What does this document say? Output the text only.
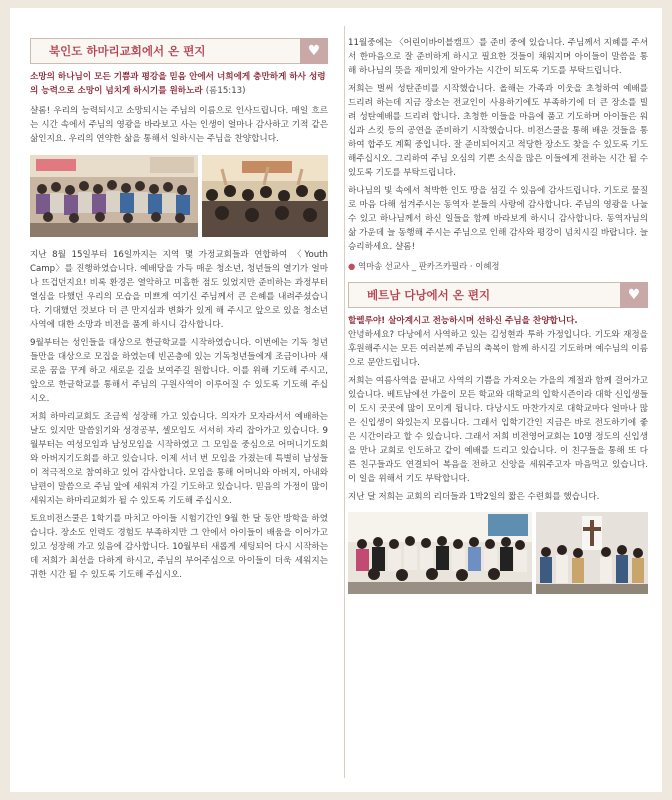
북인도 하마리교회에서 온 편지	♥
소망의 하나님이 모든 기쁨과 평강을 믿음 안에서 너희에게 충만하게 하사 성령의 능력으로 소망이 넘치게 하시기를 원하노라 (롬15:13)

샬롬! 우리의 능력되시고 소망되시는 주님의 이름으로 인사드립니다. 매일 흐르는 시간 속에서 주님의 영광을 바라보고 사는 인생이 얼마나 감사하고 기적 같은 삶인지요. 우리의 연약한 삶을 통해서 일하시는 주님을 찬양합니다.

지난 8월 15일부터 16일까지는 지역 몇 가정교회들과 연합하여 〈Youth Camp〉를 진행하였습니다. 예배당을 가득 매운 청소년, 청년들의 열기가 얼마나 뜨겁던지요! 비록 환경은 열악하고 미흡한 점도 있었지만 준비하는 과정부터 열심을 다했던 우리의 모습을 미쁘게 여기신 주님께서 큰 은혜를 내려주셨습니다. 기대했던 것보다 더 큰 만지심과 변화가 있게 해 주시고 앞으로 있을 청소년사역에 대한 소망과 비전을 품게 하시니 감사합니다.

9월부터는 성인들을 대상으로 한글학교를 시작하였습니다. 이번에는 기독 청년들만을 대상으로 모집을 하였는데 빈곤층에 있는 기독청년들에게 조금이나마 새로운 꿈을 꾸게 하고 새로운 길을 보여주길 원합니다. 이를 위해 기도해 주시고, 앞으로 한글학교를 통해서 주님의 구원사역이 이루어질 수 있도록 기도해 주십시오.

저희 하마리교회도 조금씩 성장해 가고 있습니다. 의자가 모자라서서 예배하는 날도 있지만 말씀읽기와 성경공부, 셀모임도 서서히 자리 잡아가고 있습니다. 9월부터는 여성모임과 남성모임을 시작하였고 그 모임을 중심으로 어머니기도회와 아버지기도회를 하고 있습니다. 이제 서너 번 모임을 가졌는데 특별히 남성들이 적극적으로 참여하고 있어 감사합니다. 모임을 통해 어머니와 아버지, 아내와 남편이 말씀으로 주님 앞에 세워져 가길 기도하고 있습니다. 믿음의 가정이 많이 세워지는 하마리교회가 될 수 있도록 기도해 주십시오.

토요비전스쿨은 1학기를 마치고 아이들 시험기간인 9월 한 달 동안 방학을 하였습니다. 장소도 인력도 경험도 부족하지만 그 안에서 아이들이 배움을 이어가고 있고 성장해 가고 있음에 감사합니다. 10월부터 새롭게 세팅되어 다시 시작하는데 저희가 최선을 다하게 하시고, 주님의 부어주심으로 아이들이 더욱 세워지는 귀한 시간 될 수 있도록 기도해 주십시오.

11월중에는 〈어린이바이블캠프〉를 준비 중에 있습니다. 주님께서 지혜를 주셔서 한마음으로 잘 준비하게 하시고 필요한 것들이 채워지며 아이들이 말씀을 통해 하나님의 뜻을 재미있게 알아가는 시간이 되도록 기도를 부탁드립니다.

저희는 벌써 성탄준비를 시작했습니다. 올해는 가족과 이웃을 초청하여 예배를 드리려 하는데 지금 장소는 전교인이 사용하기에도 부족하기에 더 큰 장소를 빌려 성탄예배를 드리려 합니다. 초청한 이들을 마음에 품고 기도하며 아이들은 워십과 스킷 등의 공연을 준비하기 시작했습니다. 비전스쿨을 통해 배운 것들을 통하여 합주도 계획 중입니다. 잘 준비되어지고 적당한 장소도 찾을 수 있도록 기도해주십시오. 그리하여 주님 오심의 기쁜 소식을 많은 이들에게 전하는 시간 될 수 있도록 기도를 부탁드립니다.

하나님의 빛 속에서 척박한 인도 땅을 섬길 수 있음에 감사드립니다. 기도로 물질로 마음 다해 섬겨주시는 동역자 분들의 사랑에 감사합니다. 주님의 영광을 나눌 수 있고 하나님께서 하신 일들을 함께 바라보게 하시니 감사합니다. 동역자님의 삶 가운데 늘 동행해 주시는 주님으로 인해 감사와 평강이 넘치시길 바랍니다. 늘 승리하세요. 샬롬!

● 역마송 선교사 _ 판카즈카필라 · 이혜정
베트남 다낭에서 온 편지	♥

할렐루야! 살아계시고 전능하시며 선하신 주님을 찬양합니다.

안녕하세요? 다낭에서 사역하고 있는 김성현과 투하 가정입니다. 기도와 재정을 후원해주시는 모든 여러분께 주님의 축복이 함께 하시길 기도하며 예수님의 이름으로 문안드립니다.

저희는 여름사역을 끝내고 사역의 기쁨을 가져오는 가을의 계절과 함께 걸어가고 있습니다. 베트남에선 가을이 모든 학교와 대학교의 입학시즌이라 대학 신입생들이 도시 곳곳에 많이 모이게 됩니다. 다낭시도 마찬가지로 대학교마다 얼마나 많은 신입생이 와있는지 모릅니다. 그래서 입학기간인 지금은 바로 전도하기에 좋은 시간이라고 할 수 있습니다. 그래서 저희 비전영어교회는 10명 정도의 신입생을 만나 교회로 인도하고 같이 예배를 드리고 있습니다. 이 친구들을 통해 또 다른 친구들과도 연결되어 복음을 전하고 신앙을 세워주고자 마음먹고 있습니다. 이 일을 위해서 기도 부탁합니다.

지난 달 저희는 교회의 리더들과 1박2일의 짧은 수련회를 했습니다.
